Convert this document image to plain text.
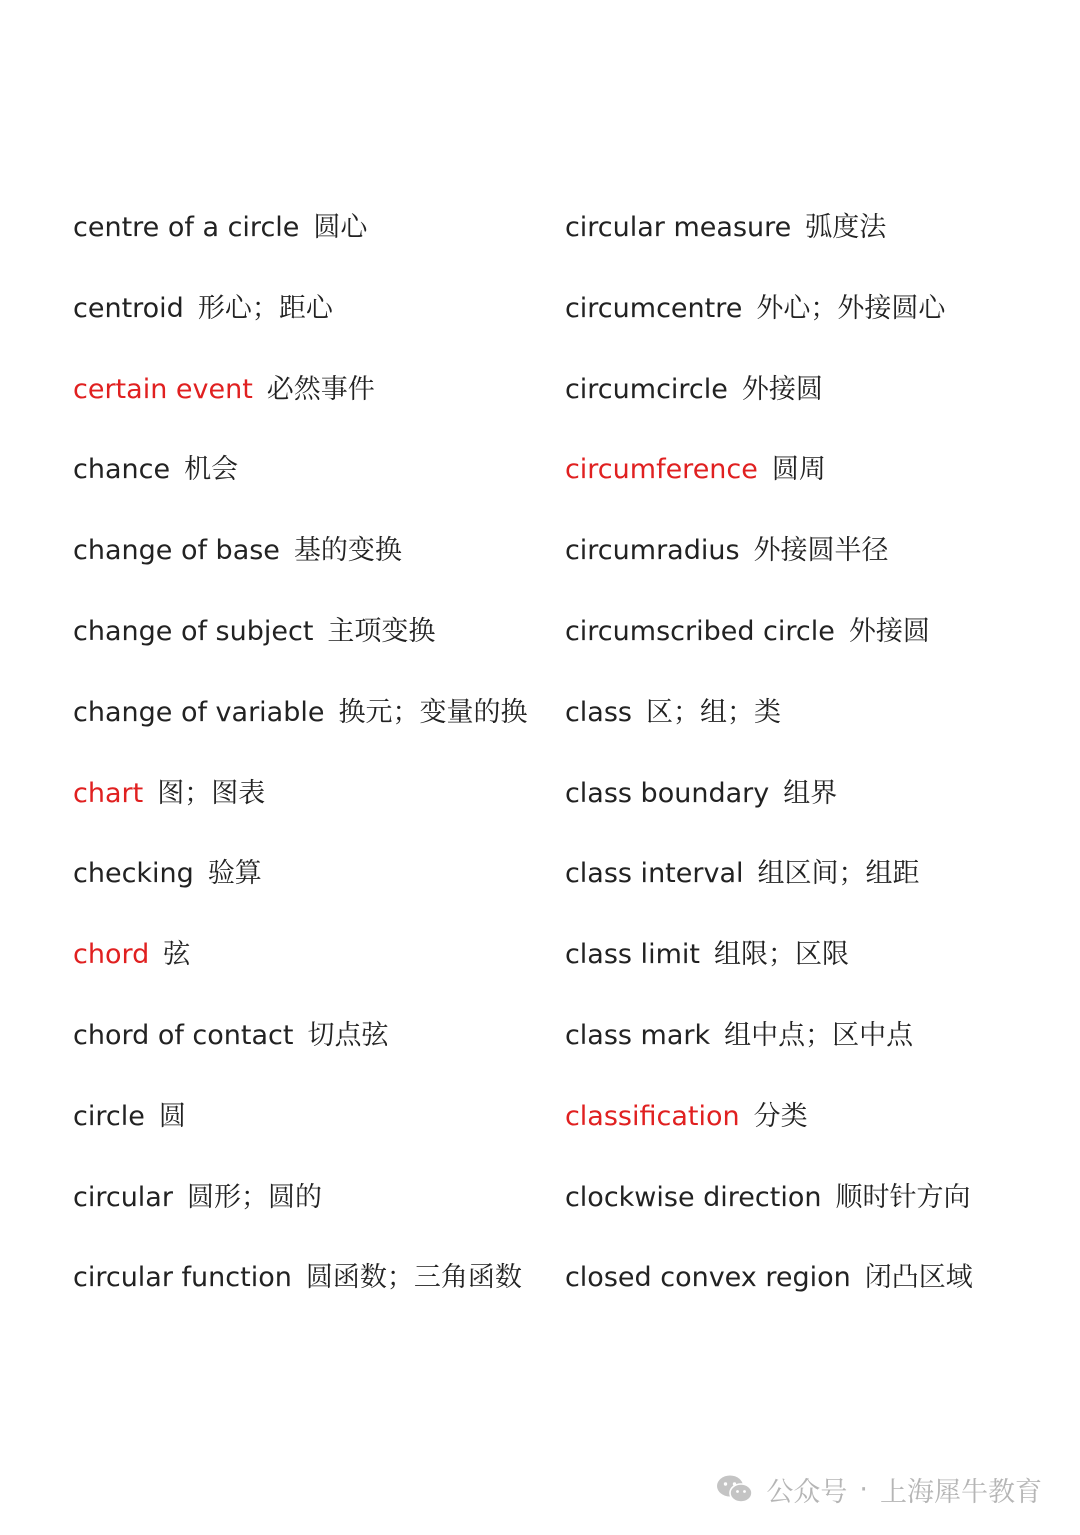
centre of a circle 圆心
centroid 形心；距心
certain event 必然事件
chance 机会
change of base 基的变换
change of subject 主项变换
change of variable 换元；变量的换
chart 图；图表
checking 验算
chord 弦
chord of contact 切点弦
circle 圆
circular 圆形；圆的
circular function 圆函数；三角函数
circular measure 弧度法
circumcentre 外心；外接圆心
circumcircle 外接圆
circumference 圆周
circumradius 外接圆半径
circumscribed circle 外接圆
class 区；组；类
class boundary 组界
class interval 组区间；组距
class limit 组限；区限
class mark 组中点；区中点
classification 分类
clockwise direction 顺时针方向
closed convex region 闭凸区域
公众号 · 上海犀牛教育
